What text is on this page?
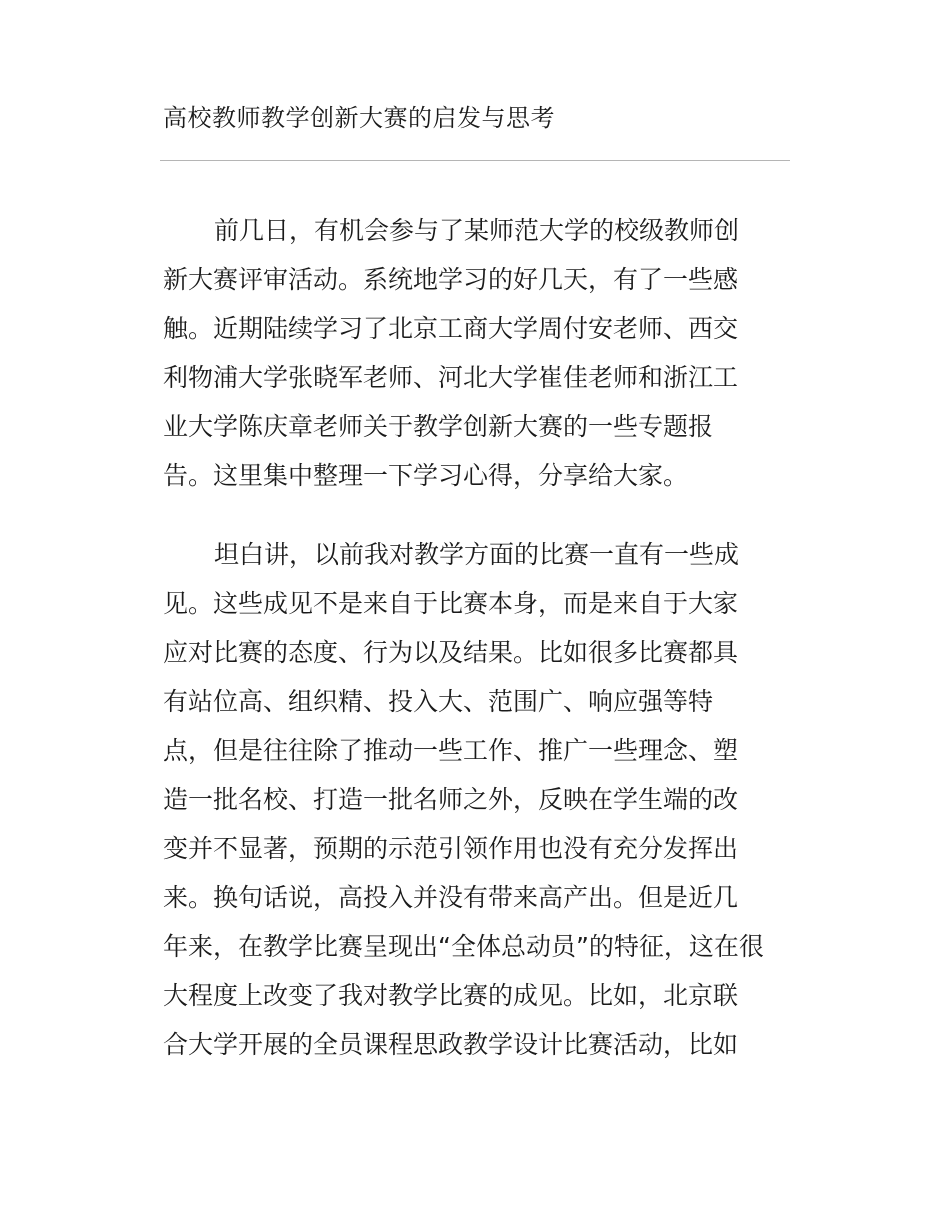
高校教师教学创新大赛的启发与思考
前几日，有机会参与了某师范大学的校级教师创
新大赛评审活动。系统地学习的好几天，有了一些感
触。近期陆续学习了北京工商大学周付安老师、西交
利物浦大学张晓军老师、河北大学崔佳老师和浙江工
业大学陈庆章老师关于教学创新大赛的一些专题报
告。这里集中整理一下学习心得，分享给大家。
坦白讲，以前我对教学方面的比赛一直有一些成
见。这些成见不是来自于比赛本身，而是来自于大家
应对比赛的态度、行为以及结果。比如很多比赛都具
有站位高、组织精、投入大、范围广、响应强等特
点，但是往往除了推动一些工作、推广一些理念、塑
造一批名校、打造一批名师之外，反映在学生端的改
变并不显著，预期的示范引领作用也没有充分发挥出
来。换句话说，高投入并没有带来高产出。但是近几
年来，在教学比赛呈现出“全体总动员”的特征，这在很
大程度上改变了我对教学比赛的成见。比如，北京联
合大学开展的全员课程思政教学设计比赛活动，比如
